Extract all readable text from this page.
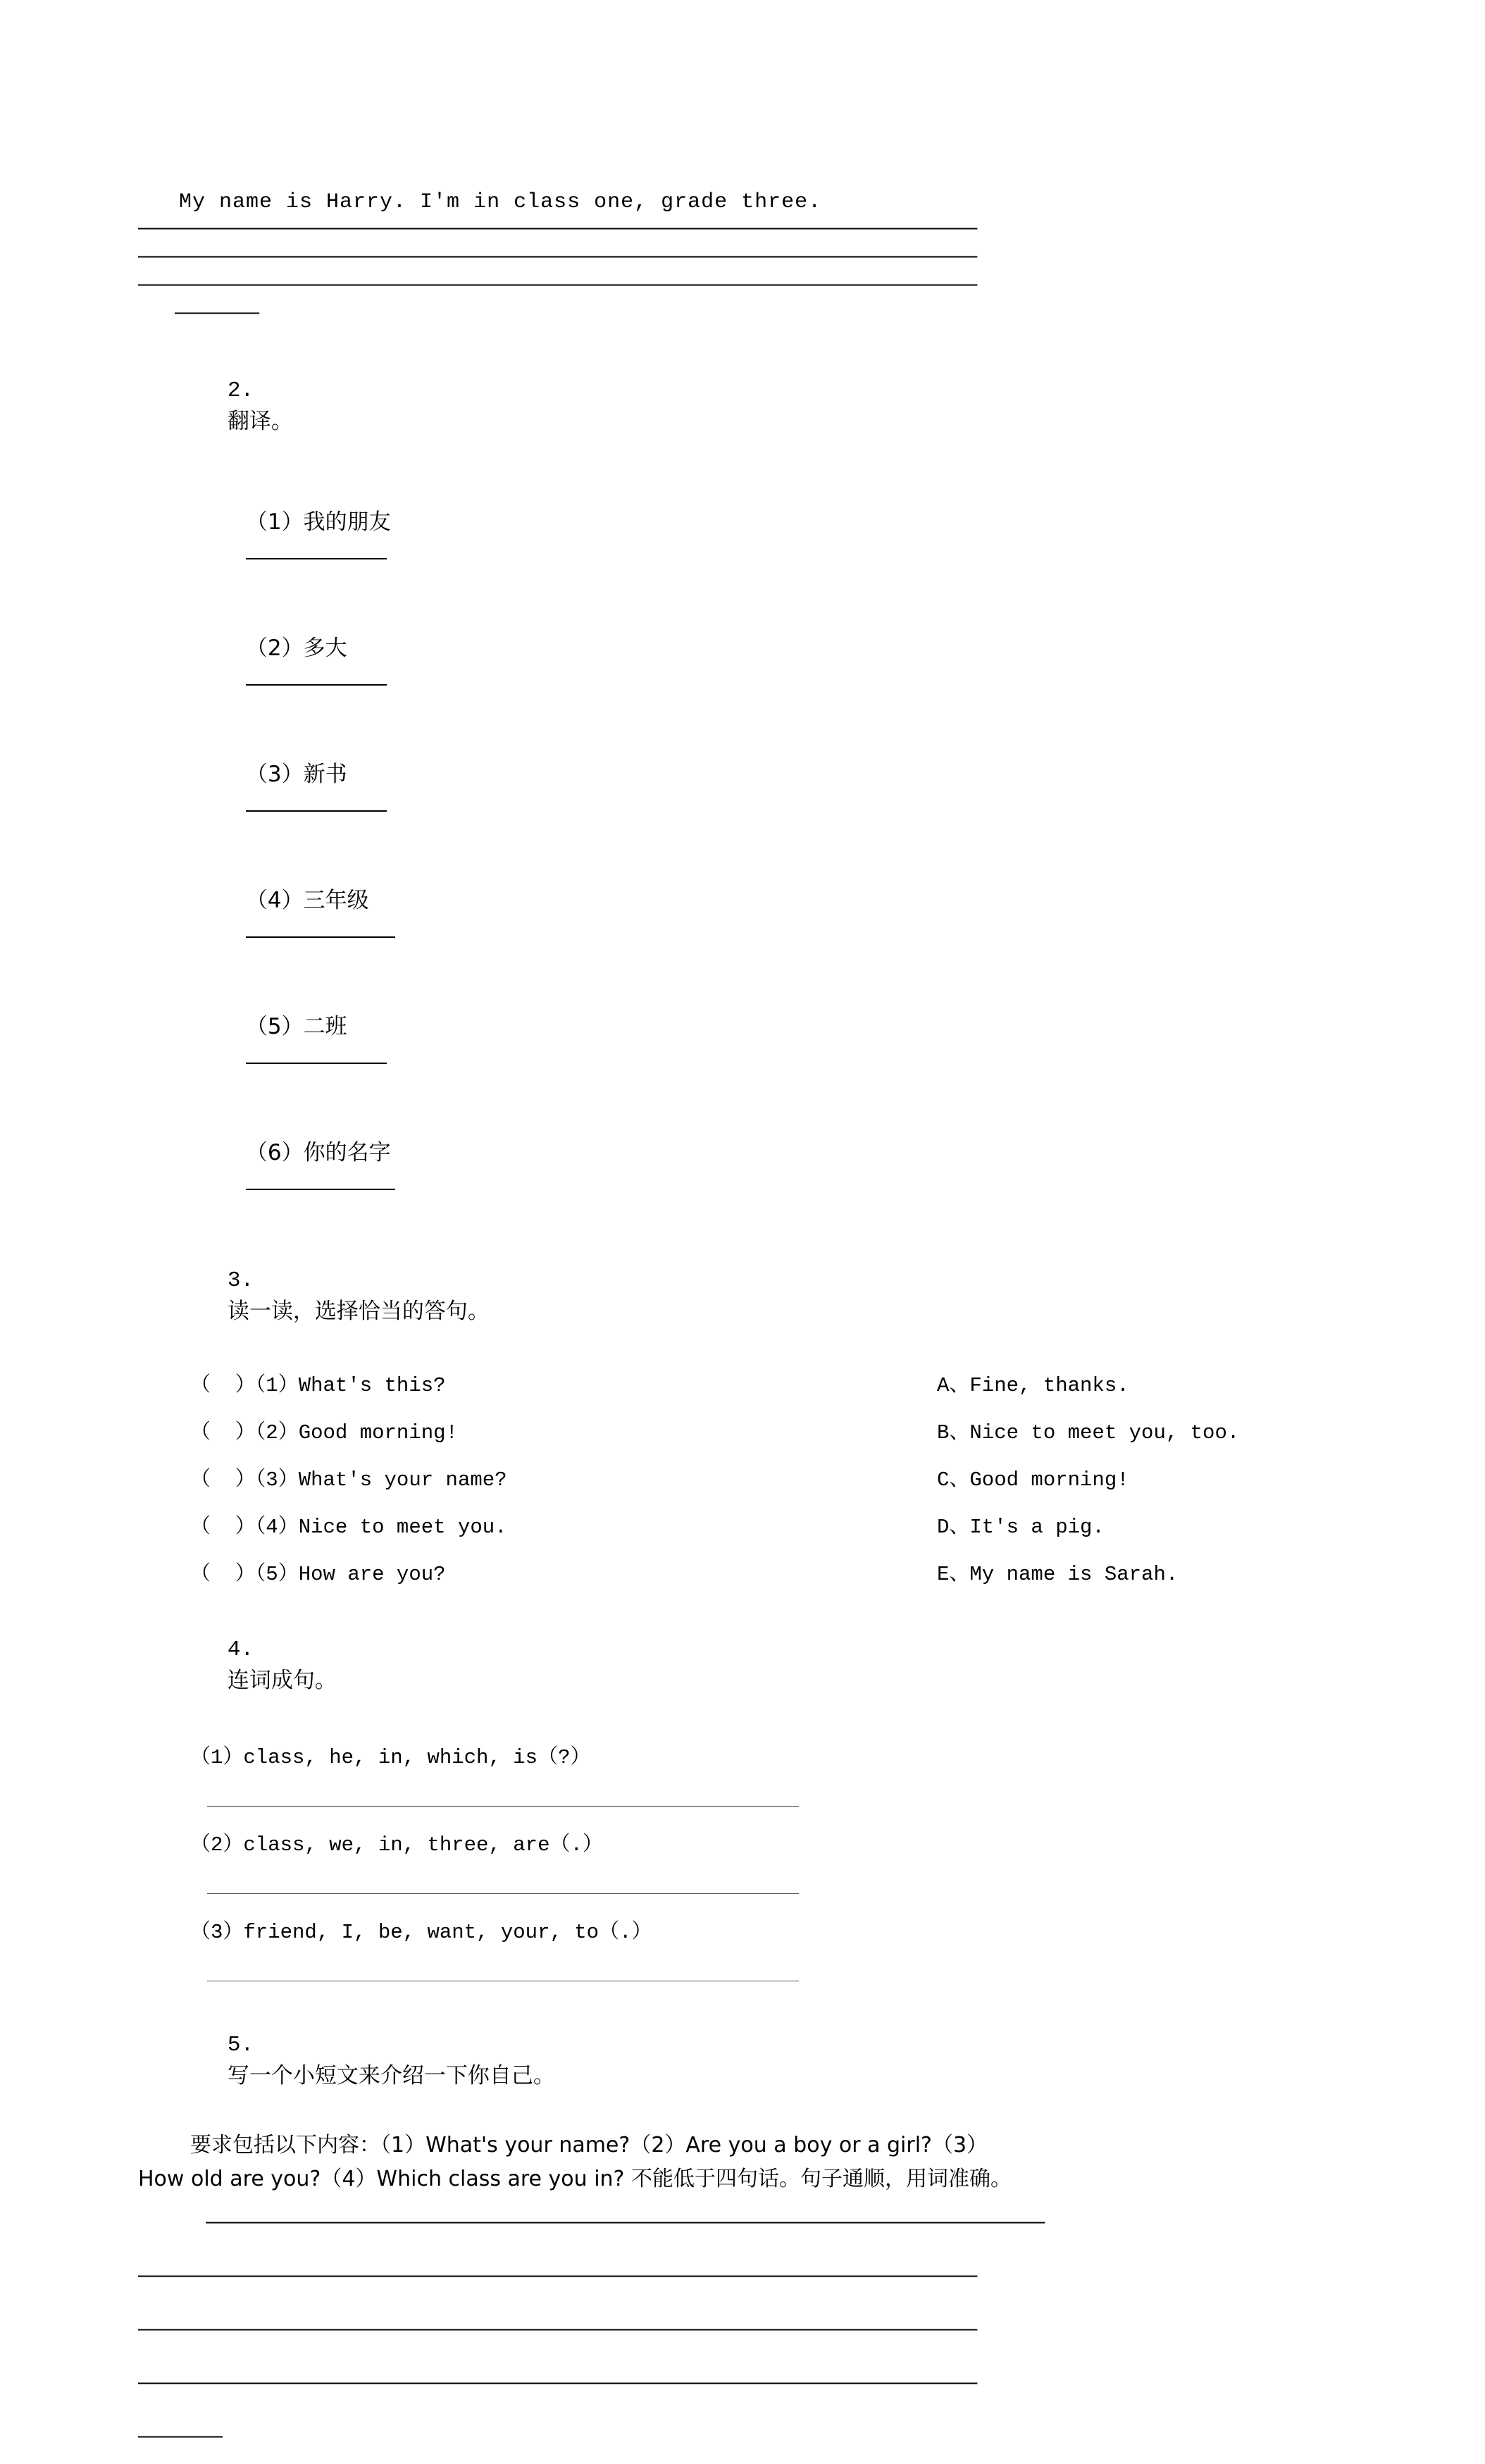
My name is Harry. I'm in class one, grade three.
——————————————————————————————————————————————————————————————————————
——————————————————————————————————————————————————————————————————————
——————————————————————————————————————————————————————————————————————
———————

2.
翻译。

（1）我的朋友

（2）多大

（3）新书

（4）三年级

（5）二班

（6）你的名字

3.
读一读，选择恰当的答句。

（  ）（1）What's this?	A、Fine, thanks.
（  ）（2）Good morning!	B、Nice to meet you, too.
（  ）（3）What's your name?	C、Good morning!
（  ）（4）Nice to meet you.	D、It's a pig.
（  ）（5）How are you?	E、My name is Sarah.

4.
连词成句。

（1）class, he, in, which, is（?）
（2）class, we, in, three, are（.）
（3）friend, I, be, want, your, to（.）

5.
写一个小短文来介绍一下你自己。

要求包括以下内容：（1）What's your name?（2）Are you a boy or a girl?（3）
How old are you?（4）Which class are you in? 不能低于四句话。句子通顺，用词准确。
——————————————————————————————————————————————————————————————————————
——————————————————————————————————————————————————————————————————————
——————————————————————————————————————————————————————————————————————
——————————————————————————————————————————————————————————————————————
———————
